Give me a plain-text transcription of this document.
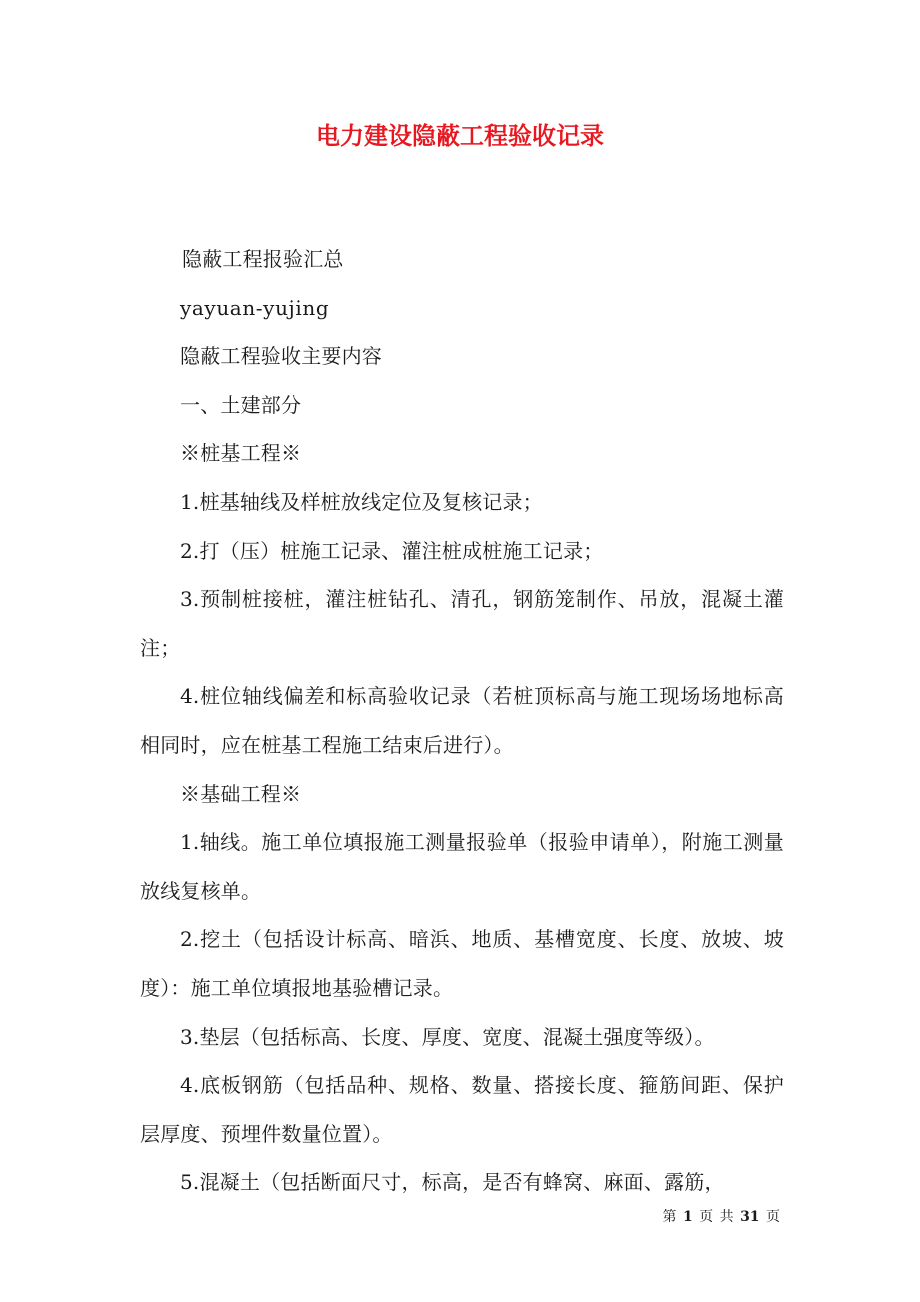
电力建设隐蔽工程验收记录

隐蔽工程报验汇总

yayuan-yujing

隐蔽工程验收主要内容

一、土建部分

※桩基工程※

1.桩基轴线及样桩放线定位及复核记录；

2.打（压）桩施工记录、灌注桩成桩施工记录；

3.预制桩接桩，灌注桩钻孔、清孔，钢筋笼制作、吊放，混凝土灌注；

4.桩位轴线偏差和标高验收记录（若桩顶标高与施工现场场地标高相同时，应在桩基工程施工结束后进行）。

※基础工程※

1.轴线。施工单位填报施工测量报验单（报验申请单），附施工测量放线复核单。

2.挖土（包括设计标高、暗浜、地质、基槽宽度、长度、放坡、坡度）：施工单位填报地基验槽记录。

3.垫层（包括标高、长度、厚度、宽度、混凝土强度等级）。

4.底板钢筋（包括品种、规格、数量、搭接长度、箍筋间距、保护层厚度、预埋件数量位置）。

5.混凝土（包括断面尺寸，标高，是否有蜂窝、麻面、露筋，

第 1 页 共 31 页
